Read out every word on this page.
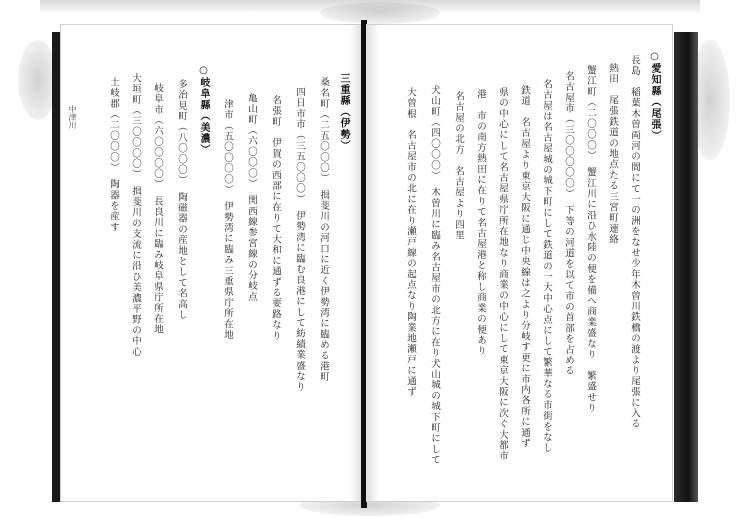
三重縣（伊勢）
桑名町（二五〇〇〇）　揖斐川の河口に近く伊勢湾に臨める港町
四日市市（三五〇〇〇）　伊勢湾に臨む良港にして紡績業盛なり
名張町　伊賀の西部に在りて大和に通ずる要路なり
亀山町（六〇〇〇）　関西線参宮線の分岐点
津市（五〇〇〇〇）　伊勢湾に臨み三重県庁所在地
○岐阜縣（美濃）
多治見町（八〇〇〇）　陶磁器の産地として名高し
岐阜市（六〇〇〇〇）　長良川に臨み岐阜県庁所在地
大垣町（三〇〇〇〇）　揖斐川の支流に沿ひ美濃平野の中心
土岐郡（二〇〇〇）　陶器を産す
中津川	○愛知縣（尾張）
長島　稲葉木曽両河の間にて一の洲をなせ少年木曽川鉄橋の渡より尾張に入る
熱田　尾張鉄道の地点たる三宮町連絡
蟹江町（二〇〇〇）　蟹江川に沿ひ水陸の便を備へ商業盛なり　繁盛せり
名古屋市（三〇〇〇〇〇）　下等の河道を以て市の首部を占める
名古屋は名古屋城の城下町にして鉄道の一大中心点にして繁華なる市街をなし
鉄道　名古屋より東京大阪に通じ中央線は之より分岐す更に市内各所に通ず
県の中心にして名古屋県庁所在地なり商業の中心にして東京大阪に次ぐ大都市
港　市の南方熱田に在りて名古屋港と称し商業の便あり
名古屋の北方　名古屋より四里
犬山町（四〇〇〇）　木曽川に臨み名古屋市の北方に在り犬山城の城下町にして
大曽根　名古屋市の北に在り瀬戸線の起点なり陶業地瀬戸に通ず
